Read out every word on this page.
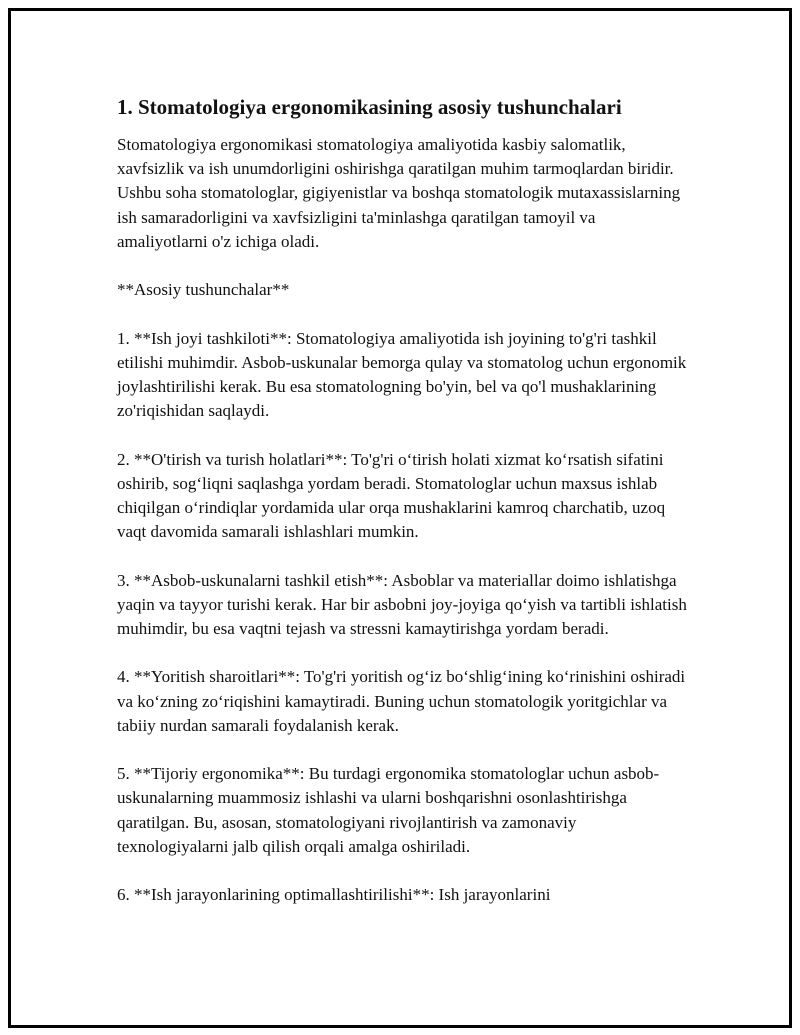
1. Stomatologiya ergonomikasining asosiy tushunchalari

Stomatologiya ergonomikasi stomatologiya amaliyotida kasbiy salomatlik, xavfsizlik va ish unumdorligini oshirishga qaratilgan muhim tarmoqlardan biridir. Ushbu soha stomatologlar, gigiyenistlar va boshqa stomatologik mutaxassislarning ish samaradorligini va xavfsizligini ta'minlashga qaratilgan tamoyil va amaliyotlarni o'z ichiga oladi.

**Asosiy tushunchalar**

1. **Ish joyi tashkiloti**: Stomatologiya amaliyotida ish joyining to'g'ri tashkil etilishi muhimdir. Asbob-uskunalar bemorga qulay va stomatolog uchun ergonomik joylashtirilishi kerak. Bu esa stomatologning bo'yin, bel va qo'l mushaklarining zo'riqishidan saqlaydi.

2. **O'tirish va turish holatlari**: To'g'ri o‘tirish holati xizmat ko‘rsatish sifatini oshirib, sog‘liqni saqlashga yordam beradi. Stomatologlar uchun maxsus ishlab chiqilgan o‘rindiqlar yordamida ular orqa mushaklarini kamroq charchatib, uzoq vaqt davomida samarali ishlashlari mumkin.

3. **Asbob-uskunalarni tashkil etish**: Asboblar va materiallar doimo ishlatishga yaqin va tayyor turishi kerak. Har bir asbobni joy-joyiga qo‘yish va tartibli ishlatish muhimdir, bu esa vaqtni tejash va stressni kamaytirishga yordam beradi.

4. **Yoritish sharoitlari**: To'g'ri yoritish og‘iz bo‘shlig‘ining ko‘rinishini oshiradi va ko‘zning zo‘riqishini kamaytiradi. Buning uchun stomatologik yoritgichlar va tabiiy nurdan samarali foydalanish kerak.

5. **Tijoriy ergonomika**: Bu turdagi ergonomika stomatologlar uchun asbob-uskunalarning muammosiz ishlashi va ularni boshqarishni osonlashtirishga qaratilgan. Bu, asosan, stomatologiyani rivojlantirish va zamonaviy texnologiyalarni jalb qilish orqali amalga oshiriladi.

6. **Ish jarayonlarining optimallashtirilishi**: Ish jarayonlarini
